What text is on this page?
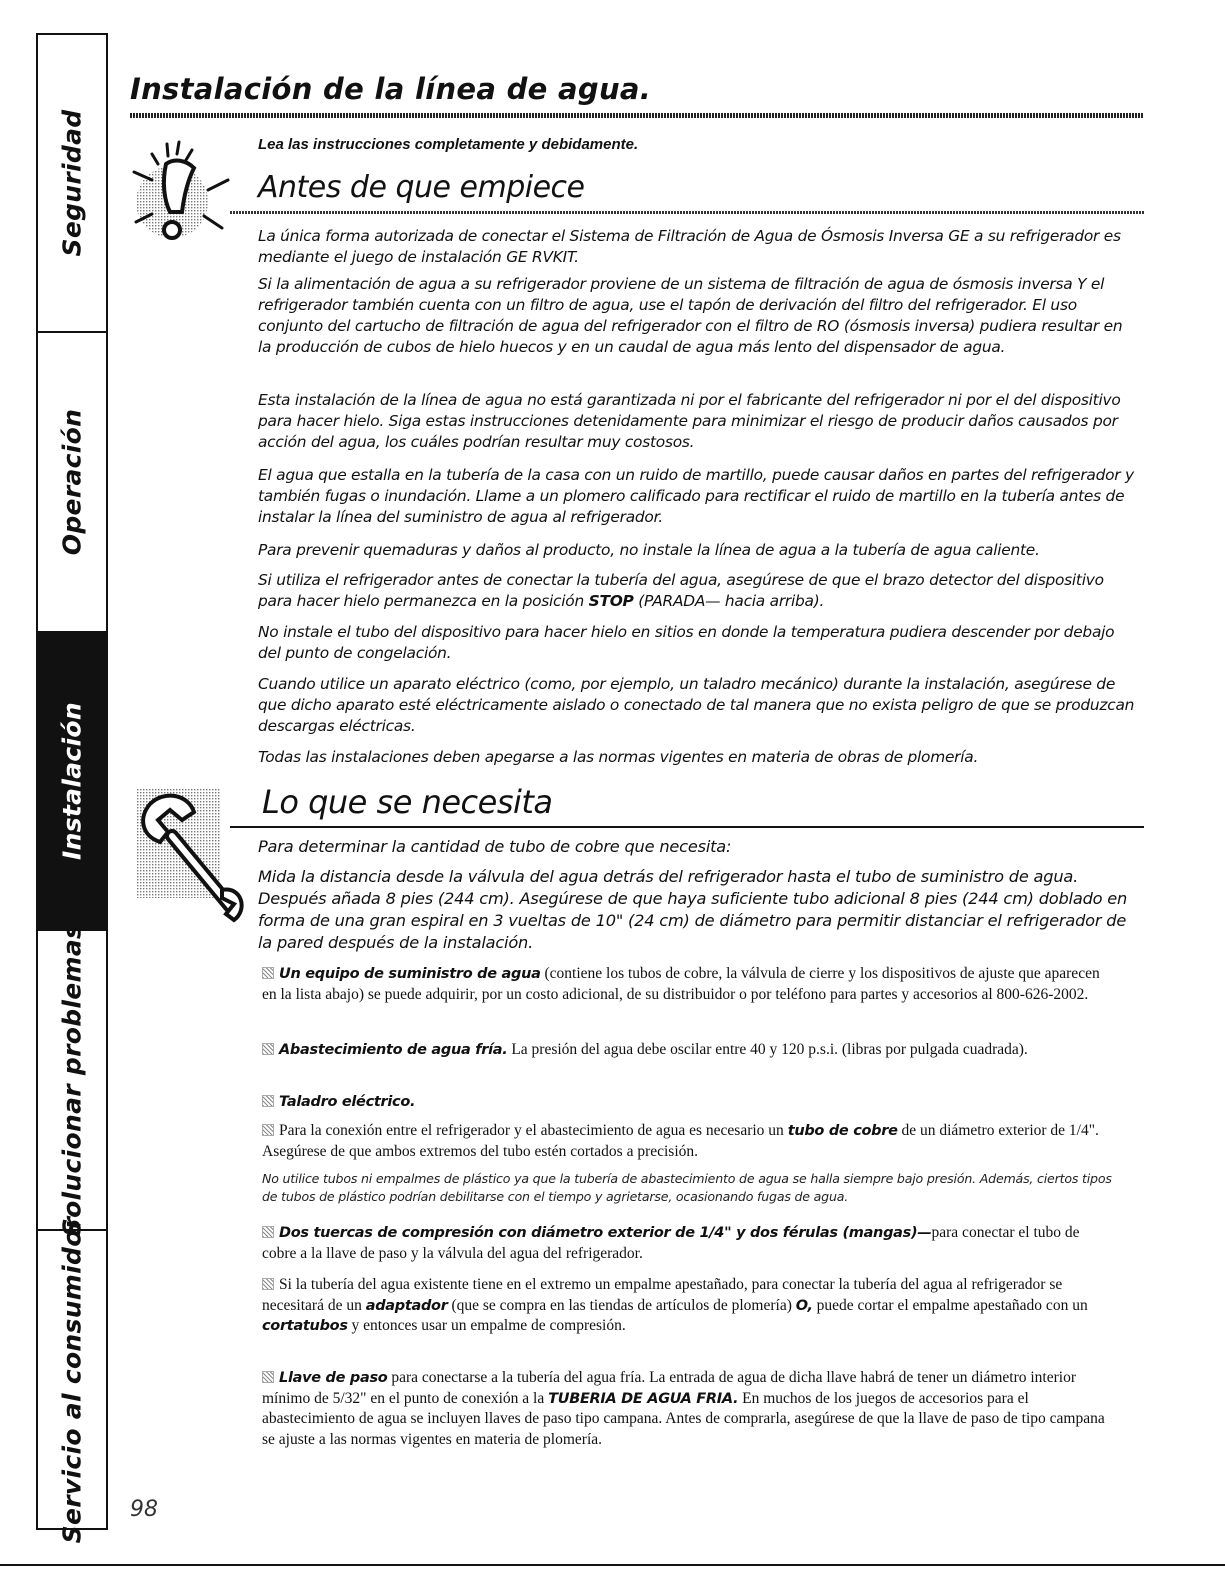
Seguridad
Operación
Instalación
Solucionar problemas
Servicio al consumidor
Instalación de la línea de agua.
Lea las instrucciones completamente y debidamente.
Antes de que empiece

La única forma autorizada de conectar el Sistema de Filtración de Agua de Ósmosis Inversa GE a su refrigerador es mediante el juego de instalación GE RVKIT.

Si la alimentación de agua a su refrigerador proviene de un sistema de filtración de agua de ósmosis inversa Y el refrigerador también cuenta con un filtro de agua, use el tapón de derivación del filtro del refrigerador. El uso conjunto del cartucho de filtración de agua del refrigerador con el filtro de RO (ósmosis inversa) pudiera resultar en la producción de cubos de hielo huecos y en un caudal de agua más lento del dispensador de agua.

Esta instalación de la línea de agua no está garantizada ni por el fabricante del refrigerador ni por el del dispositivo para hacer hielo. Siga estas instrucciones detenidamente para minimizar el riesgo de producir daños causados por acción del agua, los cuáles podrían resultar muy costosos.

El agua que estalla en la tubería de la casa con un ruido de martillo, puede causar daños en partes del refrigerador y también fugas o inundación. Llame a un plomero calificado para rectificar el ruido de martillo en la tubería antes de instalar la línea del suministro de agua al refrigerador.

Para prevenir quemaduras y daños al producto, no instale la línea de agua a la tubería de agua caliente.

Si utiliza el refrigerador antes de conectar la tubería del agua, asegúrese de que el brazo detector del dispositivo para hacer hielo permanezca en la posición STOP (PARADA— hacia arriba).

No instale el tubo del dispositivo para hacer hielo en sitios en donde la temperatura pudiera descender por debajo del punto de congelación.

Cuando utilice un aparato eléctrico (como, por ejemplo, un taladro mecánico) durante la instalación, asegúrese de que dicho aparato esté eléctricamente aislado o conectado de tal manera que no exista peligro de que se produzcan descargas eléctricas.

Todas las instalaciones deben apegarse a las normas vigentes en materia de obras de plomería.

Lo que se necesita

Para determinar la cantidad de tubo de cobre que necesita:

Mida la distancia desde la válvula del agua detrás del refrigerador hasta el tubo de suministro de agua. Después añada 8 pies (244 cm). Asegúrese de que haya suficiente tubo adicional 8 pies (244 cm) doblado en forma de una gran espiral en 3 vueltas de 10" (24 cm) de diámetro para permitir distanciar el refrigerador de la pared después de la instalación.

Un equipo de suministro de agua (contiene los tubos de cobre, la válvula de cierre y los dispositivos de ajuste que aparecen en la lista abajo) se puede adquirir, por un costo adicional, de su distribuidor o por teléfono para partes y accesorios al 800-626-2002.

Abastecimiento de agua fría. La presión del agua debe oscilar entre 40 y 120 p.s.i. (libras por pulgada cuadrada).

Taladro eléctrico.

Para la conexión entre el refrigerador y el abastecimiento de agua es necesario un tubo de cobre de un diámetro exterior de 1/4". Asegúrese de que ambos extremos del tubo estén cortados a precisión.

No utilice tubos ni empalmes de plástico ya que la tubería de abastecimiento de agua se halla siempre bajo presión. Además, ciertos tipos de tubos de plástico podrían debilitarse con el tiempo y agrietarse, ocasionando fugas de agua.

Dos tuercas de compresión con diámetro exterior de 1/4" y dos férulas (mangas)—para conectar el tubo de cobre a la llave de paso y la válvula del agua del refrigerador.

Si la tubería del agua existente tiene en el extremo un empalme apestañado, para conectar la tubería del agua al refrigerador se necesitará de un adaptador (que se compra en las tiendas de artículos de plomería) O, puede cortar el empalme apestañado con un cortatubos y entonces usar un empalme de compresión.

Llave de paso para conectarse a la tubería del agua fría. La entrada de agua de dicha llave habrá de tener un diámetro interior mínimo de 5/32" en el punto de conexión a la TUBERIA DE AGUA FRIA. En muchos de los juegos de accesorios para el abastecimiento de agua se incluyen llaves de paso tipo campana. Antes de comprarla, asegúrese de que la llave de paso de tipo campana se ajuste a las normas vigentes en materia de plomería.

98
